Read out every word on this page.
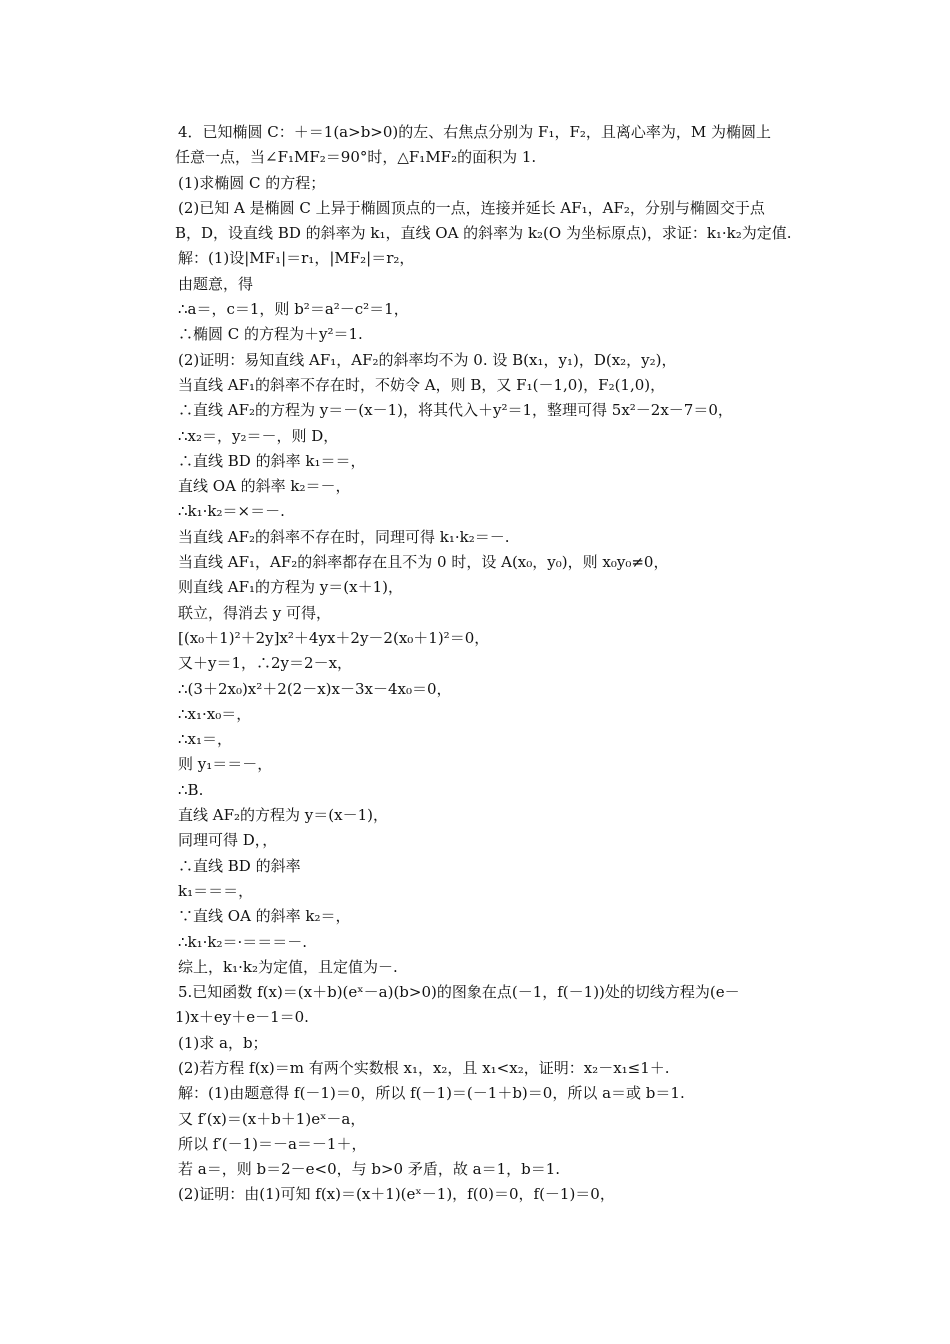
4．已知椭圆 C：＋＝1(a>b>0)的左、右焦点分别为 F₁，F₂，且离心率为，M 为椭圆上
任意一点，当∠F₁MF₂＝90°时，△F₁MF₂的面积为 1.
(1)求椭圆 C 的方程；
(2)已知 A 是椭圆 C 上异于椭圆顶点的一点，连接并延长 AF₁，AF₂，分别与椭圆交于点
B，D，设直线 BD 的斜率为 k₁，直线 OA 的斜率为 k₂(O 为坐标原点)，求证：k₁·k₂为定值.
解：(1)设|MF₁|＝r₁，|MF₂|＝r₂，
由题意，得
∴a＝，c＝1，则 b²＝a²－c²＝1，
∴椭圆 C 的方程为＋y²＝1.
(2)证明：易知直线 AF₁，AF₂的斜率均不为 0. 设 B(x₁，y₁)，D(x₂，y₂)，
当直线 AF₁的斜率不存在时，不妨令 A，则 B，又 F₁(－1,0)，F₂(1,0)，
∴直线 AF₂的方程为 y＝－(x－1)，将其代入＋y²＝1，整理可得 5x²－2x－7＝0，
∴x₂＝，y₂＝－，则 D，
∴直线 BD 的斜率 k₁＝＝，
直线 OA 的斜率 k₂＝－，
∴k₁·k₂＝×＝－.
当直线 AF₂的斜率不存在时，同理可得 k₁·k₂＝－.
当直线 AF₁，AF₂的斜率都存在且不为 0 时，设 A(x₀，y₀)，则 x₀y₀≠0，
则直线 AF₁的方程为 y＝(x＋1)，
联立，得消去 y 可得，
[(x₀＋1)²＋2y]x²＋4yx＋2y－2(x₀＋1)²＝0，
又＋y＝1，∴2y＝2－x，
∴(3＋2x₀)x²＋2(2－x)x－3x－4x₀＝0，
∴x₁·x₀＝，
∴x₁＝，
则 y₁＝＝－，
∴B.
直线 AF₂的方程为 y＝(x－1)，
同理可得 D，，
∴直线 BD 的斜率
k₁＝＝＝，
∵直线 OA 的斜率 k₂＝，
∴k₁·k₂＝·＝＝＝－.
综上，k₁·k₂为定值，且定值为－.
5.已知函数 f(x)＝(x＋b)(eˣ－a)(b>0)的图象在点(－1，f(－1))处的切线方程为(e－
1)x＋ey＋e－1＝0.
(1)求 a，b；
(2)若方程 f(x)＝m 有两个实数根 x₁，x₂，且 x₁<x₂，证明：x₂－x₁≤1＋.
解：(1)由题意得 f(－1)＝0，所以 f(－1)＝(－1＋b)＝0，所以 a＝或 b＝1.
又 f′(x)＝(x＋b＋1)eˣ－a，
所以 f′(－1)＝－a＝－1＋，
若 a＝，则 b＝2－e<0，与 b>0 矛盾，故 a＝1，b＝1.
(2)证明：由(1)可知 f(x)＝(x＋1)(eˣ－1)，f(0)＝0，f(－1)＝0，
